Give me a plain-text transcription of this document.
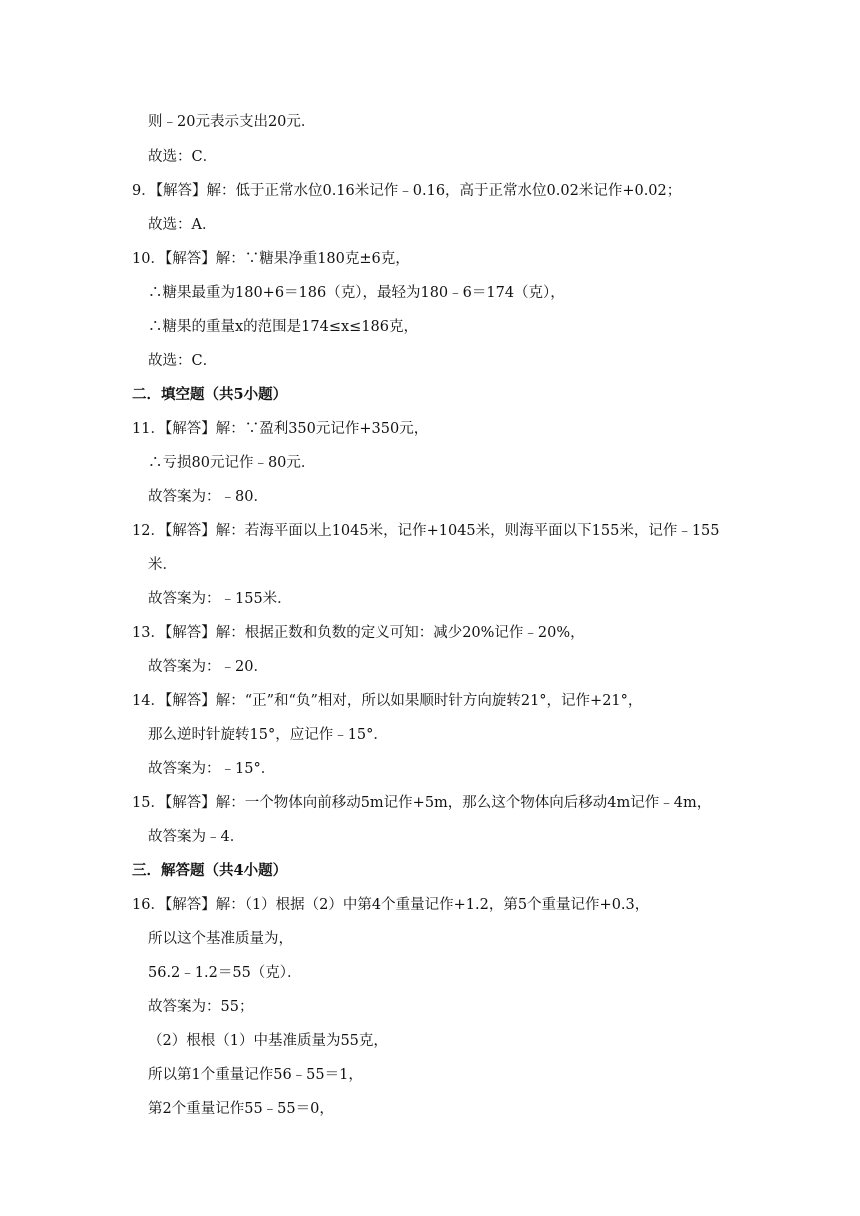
则﹣20元表示支出20元．
故选：C．
9．【解答】解：低于正常水位0.16米记作﹣0.16，高于正常水位0.02米记作+0.02；
故选：A．
10．【解答】解：∵糖果净重180克±6克，
∴糖果最重为180+6＝186（克），最轻为180﹣6＝174（克），
∴糖果的重量x的范围是174≤x≤186克，
故选：C．
二．填空题（共5小题）
11．【解答】解：∵盈利350元记作+350元，
∴亏损80元记作﹣80元．
故答案为：﹣80．
12．【解答】解：若海平面以上1045米，记作+1045米，则海平面以下155米，记作﹣155
米．
故答案为：﹣155米．
13．【解答】解：根据正数和负数的定义可知：减少20%记作﹣20%，
故答案为：﹣20．
14．【解答】解：“正”和“负”相对，所以如果顺时针方向旋转21°，记作+21°，
那么逆时针旋转15°，应记作﹣15°．
故答案为：﹣15°．
15．【解答】解：一个物体向前移动5m记作+5m，那么这个物体向后移动4m记作﹣4m，
故答案为﹣4．
三．解答题（共4小题）
16．【解答】解：（1）根据（2）中第4个重量记作+1.2，第5个重量记作+0.3，
所以这个基准质量为，
56.2﹣1.2＝55（克）．
故答案为：55；
（2）根根（1）中基准质量为55克，
所以第1个重量记作56﹣55＝1，
第2个重量记作55﹣55＝0，
